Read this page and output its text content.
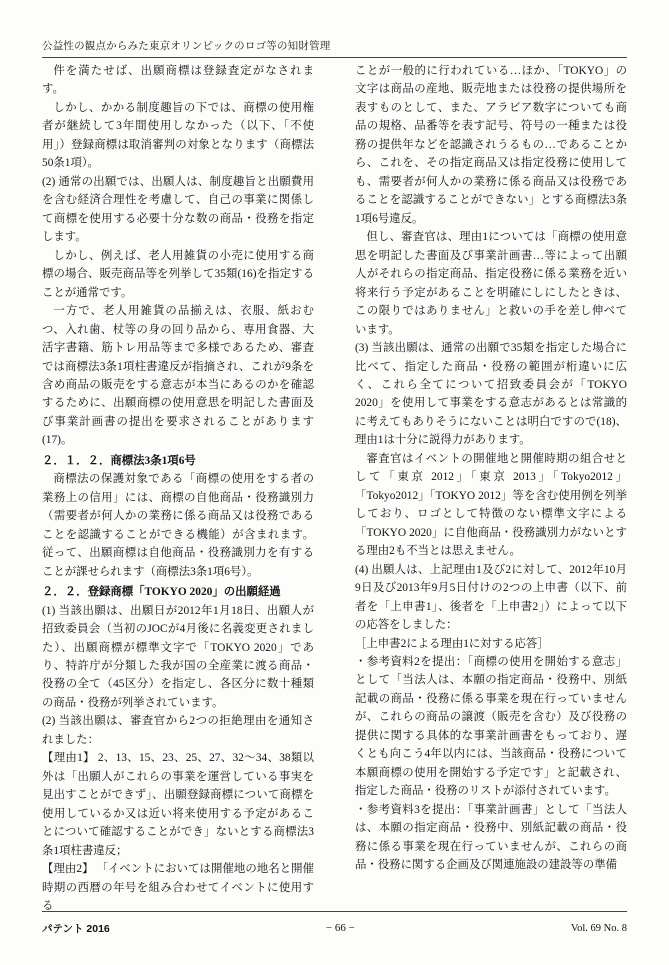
公益性の観点からみた東京オリンピックのロゴ等の知財管理

件を満たせば、出願商標は登録査定がなされます。

しかし、かかる制度趣旨の下では、商標の使用権者が継続して3年間使用しなかった（以下、「不使用」）登録商標は取消審判の対象となります（商標法50条1項）。

(2) 通常の出願では、出願人は、制度趣旨と出願費用を含む経済合理性を考慮して、自己の事業に関係して商標を使用する必要十分な数の商品・役務を指定します。

しかし、例えば、老人用雑貨の小売に使用する商標の場合、販売商品等を列挙して35類(16)を指定することが通常です。

一方で、老人用雑貨の品揃えは、衣服、紙おむつ、入れ歯、杖等の身の回り品から、専用食器、大活字書籍、筋トレ用品等まで多様であるため、審査では商標法3条1項柱書違反が指摘され、これが9条を含め商品の販売をする意志が本当にあるのかを確認するために、出願商標の使用意思を明記した書面及び事業計画書の提出を要求されることがあります(17)。

２．１．２．商標法3条1項6号

商標法の保護対象である「商標の使用をする者の業務上の信用」には、商標の自他商品・役務識別力（需要者が何人かの業務に係る商品又は役務であることを認識することができる機能）が含まれます。従って、出願商標は自他商品・役務識別力を有することが課せられます（商標法3条1項6号）。

２．２．登録商標「TOKYO 2020」の出願経過

(1) 当該出願は、出願日が2012年1月18日、出願人が招致委員会（当初のJOCが4月後に名義変更されました）、出願商標が標準文字で「TOKYO 2020」であり、特許庁が分類した我が国の全産業に渡る商品・役務の全て（45区分）を指定し、各区分に数十種類の商品・役務が列挙されています。

(2) 当該出願は、審査官から2つの拒絶理由を通知されました：

【理由1】 2、13、15、23、25、27、32〜34、38類以外は「出願人がこれらの事業を運営している事実を見出すことができず」、出願登録商標について商標を使用しているか又は近い将来使用する予定があることについて確認することができ」ないとする商標法3条1項柱書違反；

【理由2】 「イベントにおいては開催地の地名と開催時期の西暦の年号を組み合わせてイベントに使用する

ことが一般的に行われている…ほか、「TOKYO」の文字は商品の産地、販売地または役務の提供場所を表すものとして、また、アラビア数字についても商品の規格、品番等を表す記号、符号の一種または役務の提供年などを認識されうるもの…であることから、これを、その指定商品又は指定役務に使用しても、需要者が何人かの業務に係る商品又は役務であることを認識することができない」とする商標法3条1項6号違反。

但し、審査官は、理由1については「商標の使用意思を明記した書面及び事業計画書…等によって出願人がそれらの指定商品、指定役務に係る業務を近い将来行う予定があることを明確にしにしたときは、この限りではありません」と救いの手を差し伸べています。

(3) 当該出願は、通常の出願で35類を指定した場合に比べて、指定した商品・役務の範囲が桁違いに広く、これら全てについて招致委員会が「TOKYO 2020」を使用して事業をする意志があるとは常識的に考えてもありそうにないことは明白ですので(18)、理由1は十分に説得力があります。

審査官はイベントの開催地と開催時期の組合せとして「東京 2012」「東京 2013」「Tokyo2012」「Tokyo2012」「TOKYO 2012」等を含む使用例を列挙しており、ロゴとして特徴のない標準文字による「TOKYO 2020」に自他商品・役務識別力がないとする理由2も不当とは思えません。

(4) 出願人は、上記理由1及び2に対して、2012年10月9日及び2013年9月5日付けの2つの上申書（以下、前者を「上申書1」、後者を「上申書2」）によって以下の応答をしました：

［上申書2による理由1に対する応答］

・参考資料2を提出：「商標の使用を開始する意志」として「当法人は、本願の指定商品・役務中、別紙記載の商品・役務に係る事業を現在行っていませんが、これらの商品の譲渡（販売を含む）及び役務の提供に関する具体的な事業計画書をもっており、遅くとも向こう4年以内には、当該商品・役務について本願商標の使用を開始する予定です」と記載され、指定した商品・役務のリストが添付されています。

・参考資料3を提出：「事業計画書」として「当法人は、本願の指定商品・役務中、別紙記載の商品・役務に係る事業を現在行っていませんが、これらの商品・役務に関する企画及び関連施設の建設等の準備

パテント 2016	− 66 −	Vol. 69 No. 8
